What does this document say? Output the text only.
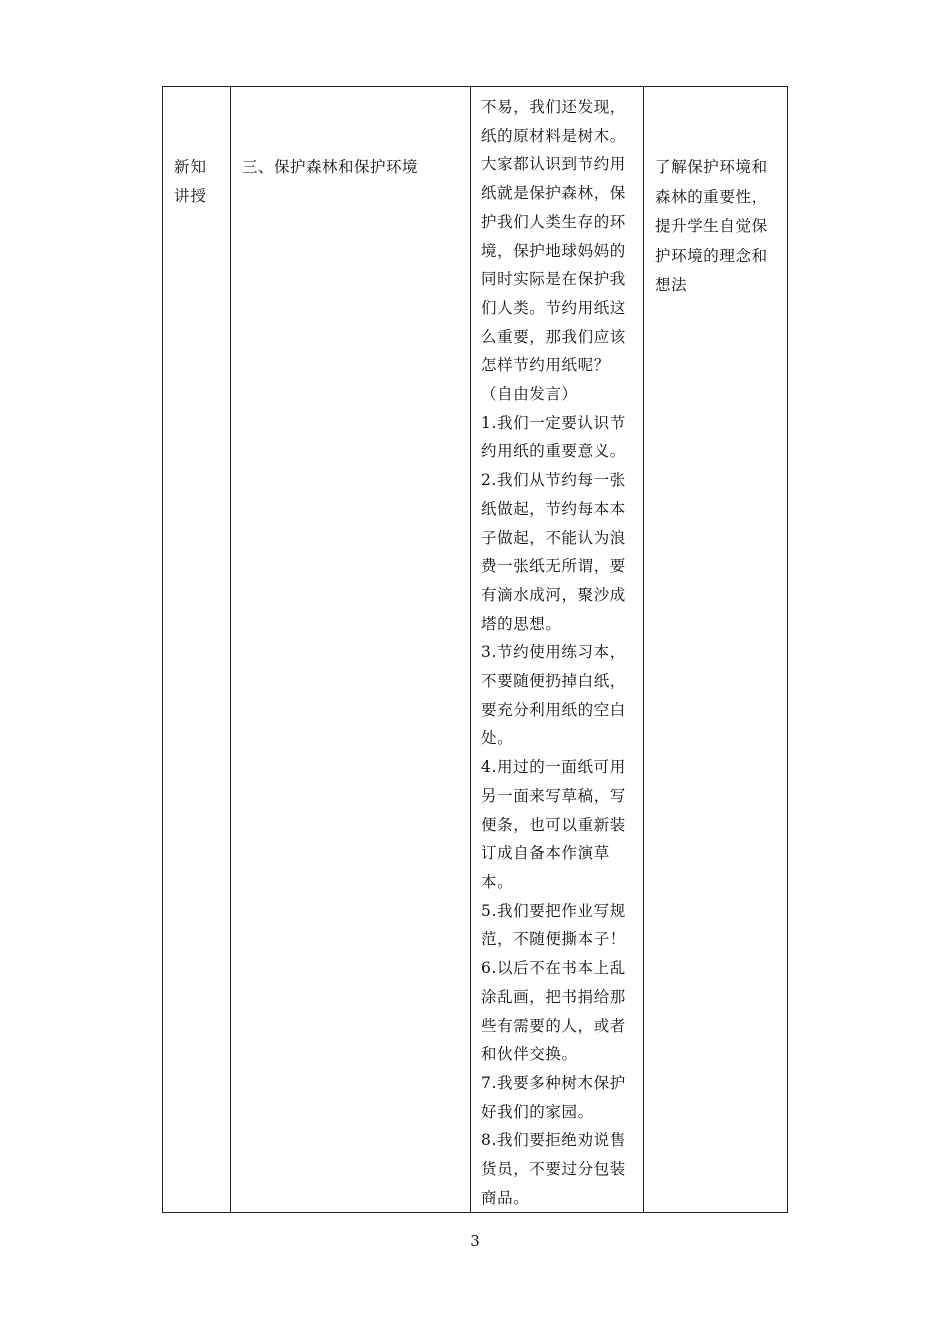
新知
讲授

三、保护森林和保护环境

不易，我们还发现，
纸的原材料是树木。
大家都认识到节约用
纸就是保护森林，保
护我们人类生存的环
境，保护地球妈妈的
同时实际是在保护我
们人类。节约用纸这
么重要，那我们应该
怎样节约用纸呢？
（自由发言）
1.我们一定要认识节
约用纸的重要意义。
2.我们从节约每一张
纸做起，节约每本本
子做起，不能认为浪
费一张纸无所谓，要
有滴水成河，聚沙成
塔的思想。
3.节约使用练习本，
不要随便扔掉白纸，
要充分利用纸的空白
处。
4.用过的一面纸可用
另一面来写草稿，写
便条，也可以重新装
订成自备本作演草
本。
5.我们要把作业写规
范，不随便撕本子！
6.以后不在书本上乱
涂乱画，把书捐给那
些有需要的人，或者
和伙伴交换。
7.我要多种树木保护
好我们的家园。
8.我们要拒绝劝说售
货员，不要过分包装
商品。

了解保护环境和
森林的重要性，
提升学生自觉保
护环境的理念和
想法
3
